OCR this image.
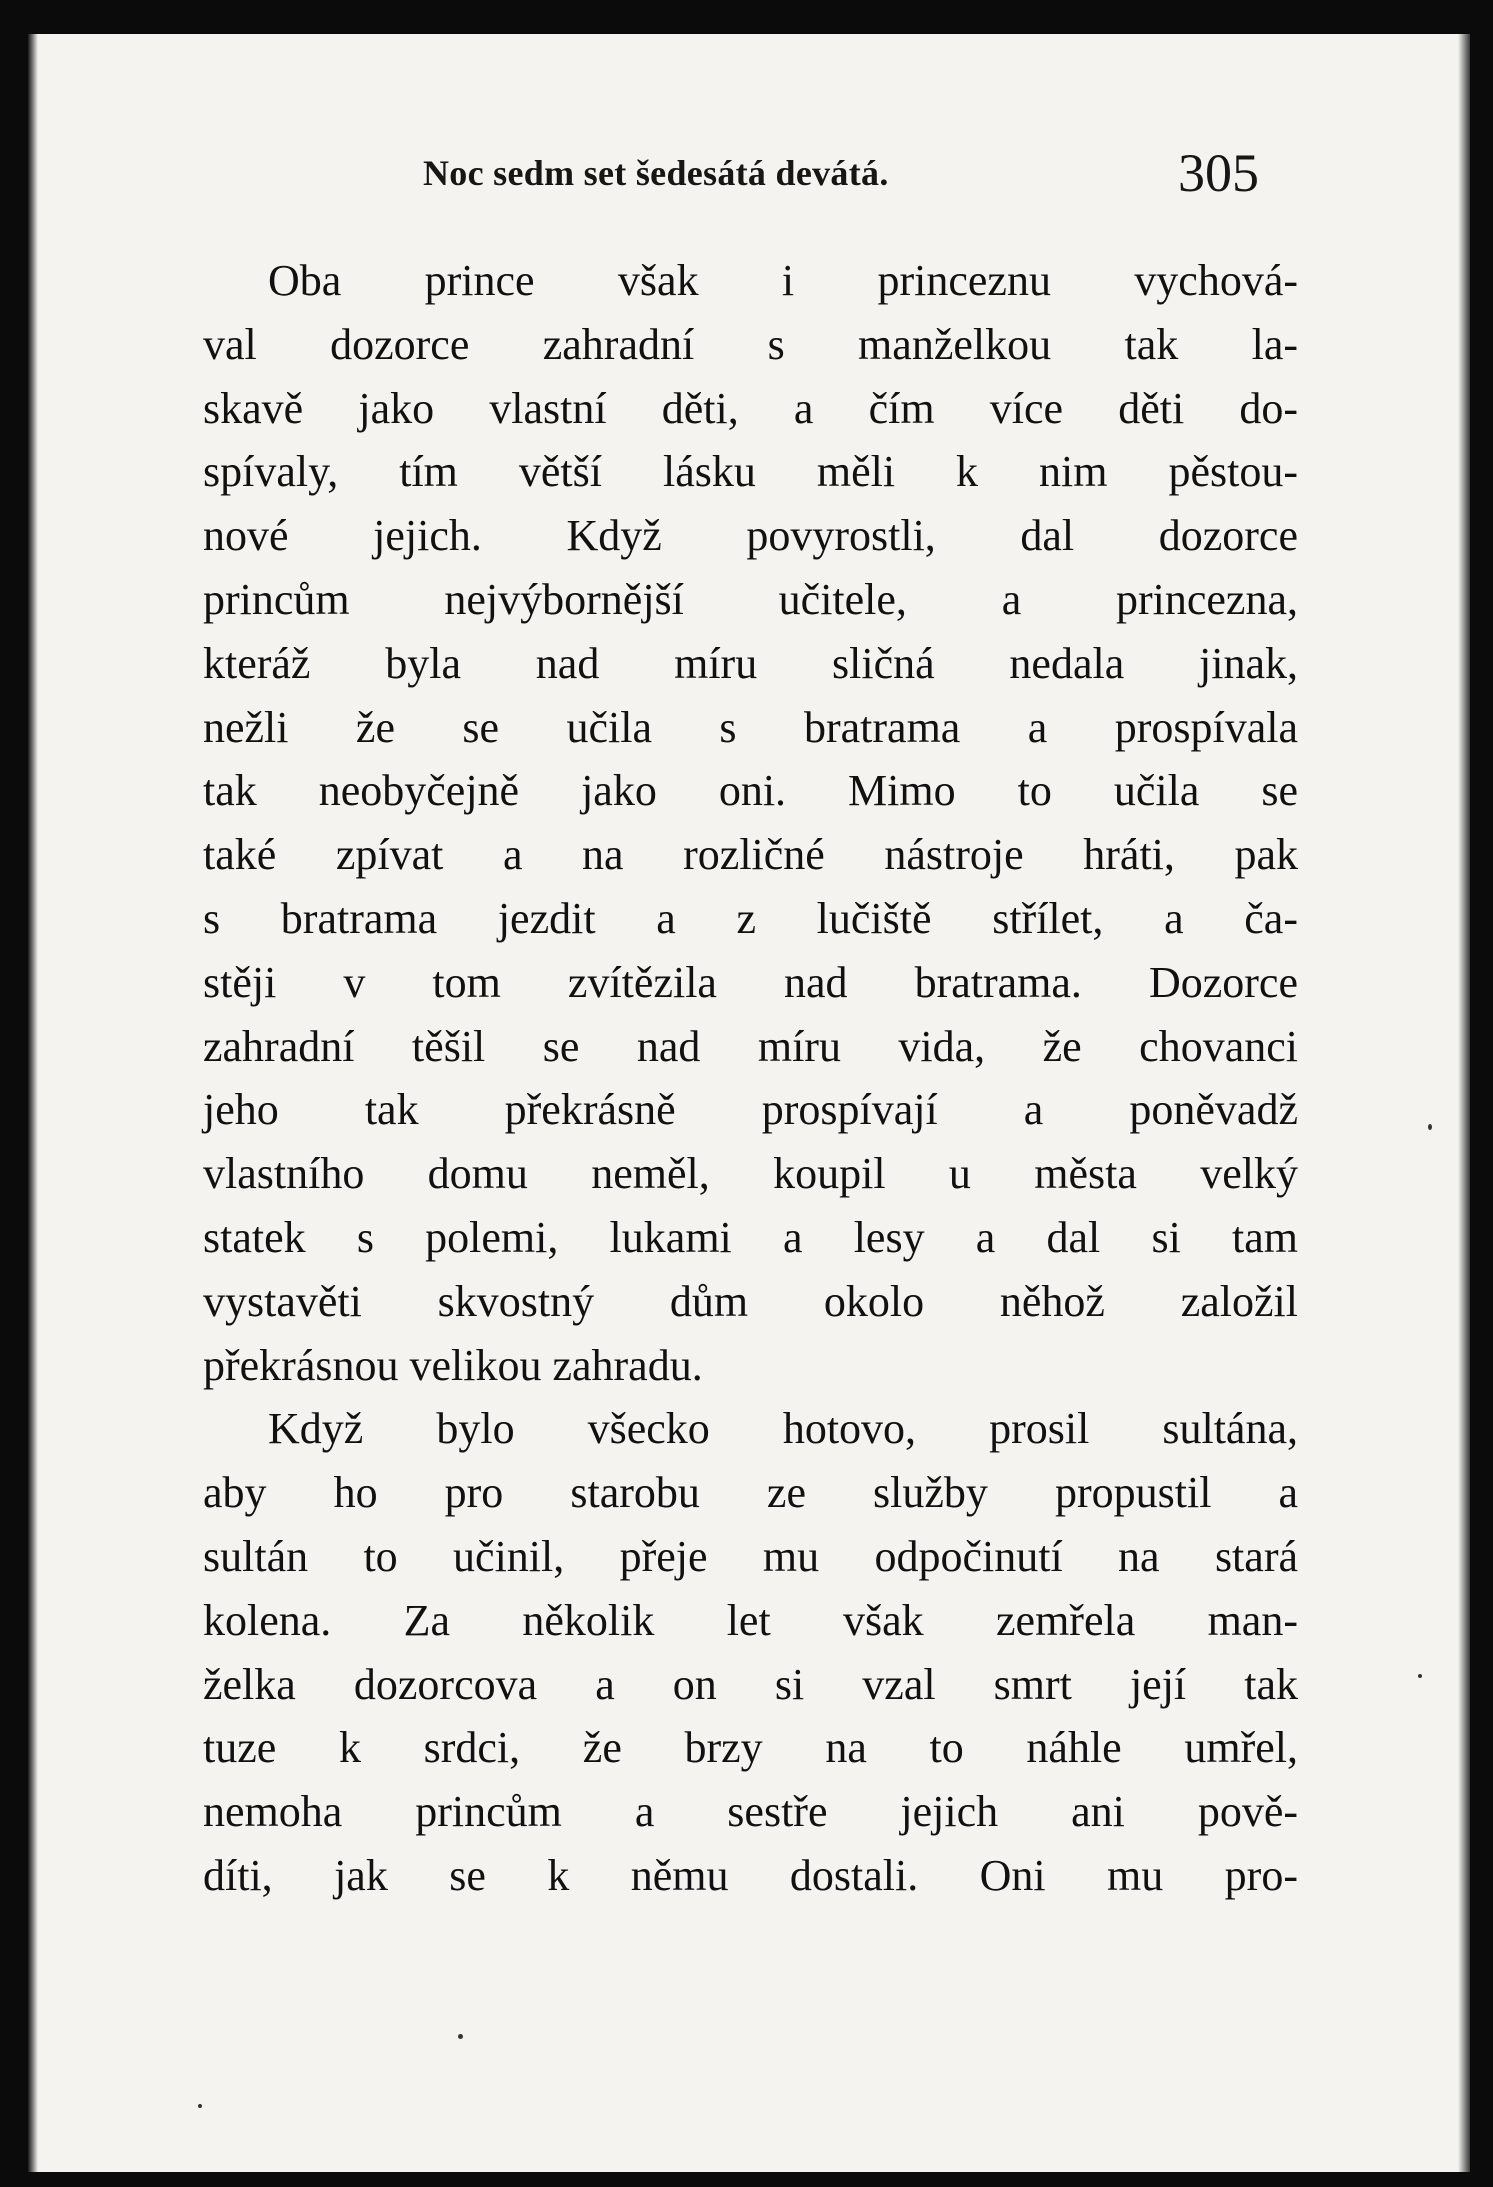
Noc sedm set šedesátá devátá.	305
Oba prince však i princeznu vychová-
val dozorce zahradní s manželkou tak la-
skavě jako vlastní děti, a čím více děti do-
spívaly, tím větší lásku měli k nim pěstou-
nové jejich. Když povyrostli, dal dozorce
princům nejvýbornější učitele, a princezna,
kteráž byla nad míru sličná nedala jinak,
nežli že se učila s bratrama a prospívala
tak neobyčejně jako oni. Mimo to učila se
také zpívat a na rozličné nástroje hráti, pak
s bratrama jezdit a z lučiště střílet, a ča-
stěji v tom zvítězila nad bratrama. Dozorce
zahradní těšil se nad míru vida, že chovanci
jeho tak překrásně prospívají a poněvadž
vlastního domu neměl, koupil u města velký
statek s polemi, lukami a lesy a dal si tam
vystavěti skvostný dům okolo něhož založil
překrásnou velikou zahradu.
Když bylo všecko hotovo, prosil sultána,
aby ho pro starobu ze služby propustil a
sultán to učinil, přeje mu odpočinutí na stará
kolena. Za několik let však zemřela man-
želka dozorcova a on si vzal smrt její tak
tuze k srdci, že brzy na to náhle umřel,
nemoha princům a sestře jejich ani pově-
díti, jak se k němu dostali. Oni mu pro-
